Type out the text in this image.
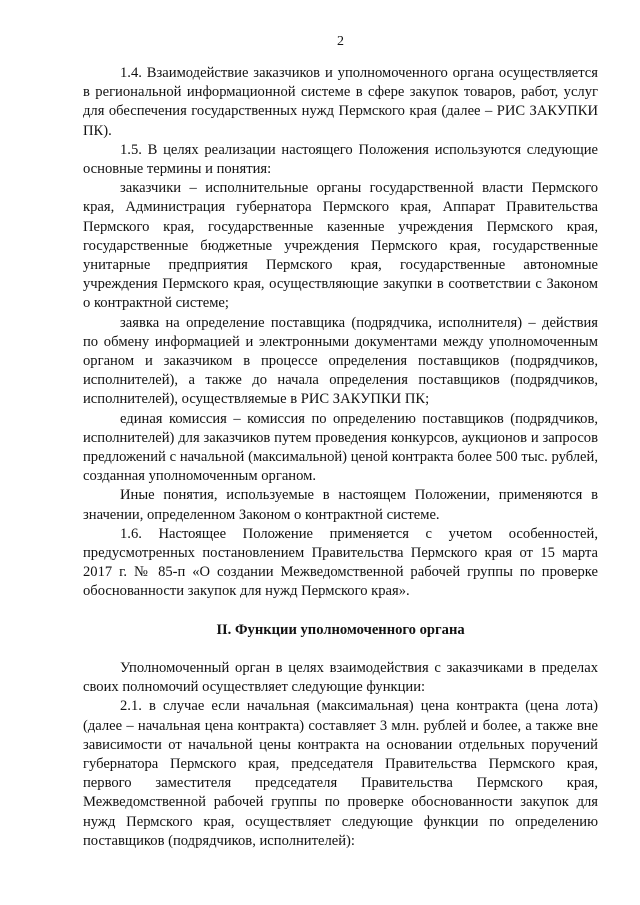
2

1.4. Взаимодействие заказчиков и уполномоченного органа осуществляется в региональной информационной системе в сфере закупок товаров, работ, услуг для обеспечения государственных нужд Пермского края (далее – РИС ЗАКУПКИ ПК).

1.5. В целях реализации настоящего Положения используются следующие основные термины и понятия:

заказчики – исполнительные органы государственной власти Пермского края, Администрация губернатора Пермского края, Аппарат Правительства Пермского края, государственные казенные учреждения Пермского края, государственные бюджетные учреждения Пермского края, государственные унитарные предприятия Пермского края, государственные автономные учреждения Пермского края, осуществляющие закупки в соответствии с Законом о контрактной системе;

заявка на определение поставщика (подрядчика, исполнителя) – действия по обмену информацией и электронными документами между уполномоченным органом и заказчиком в процессе определения поставщиков (подрядчиков, исполнителей), а также до начала определения поставщиков (подрядчиков, исполнителей), осуществляемые в РИС ЗАКУПКИ ПК;

единая комиссия – комиссия по определению поставщиков (подрядчиков, исполнителей) для заказчиков путем проведения конкурсов, аукционов и запросов предложений с начальной (максимальной) ценой контракта более 500 тыс. рублей, созданная уполномоченным органом.

Иные понятия, используемые в настоящем Положении, применяются в значении, определенном Законом о контрактной системе.

1.6. Настоящее Положение применяется с учетом особенностей, предусмотренных постановлением Правительства Пермского края от 15 марта 2017 г. № 85-п «О создании Межведомственной рабочей группы по проверке обоснованности закупок для нужд Пермского края».

II. Функции уполномоченного органа

Уполномоченный орган в целях взаимодействия с заказчиками в пределах своих полномочий осуществляет следующие функции:

2.1. в случае если начальная (максимальная) цена контракта (цена лота) (далее – начальная цена контракта) составляет 3 млн. рублей и более, а также вне зависимости от начальной цены контракта на основании отдельных поручений губернатора Пермского края, председателя Правительства Пермского края, первого заместителя председателя Правительства Пермского края, Межведомственной рабочей группы по проверке обоснованности закупок для нужд Пермского края, осуществляет следующие функции по определению поставщиков (подрядчиков, исполнителей):
